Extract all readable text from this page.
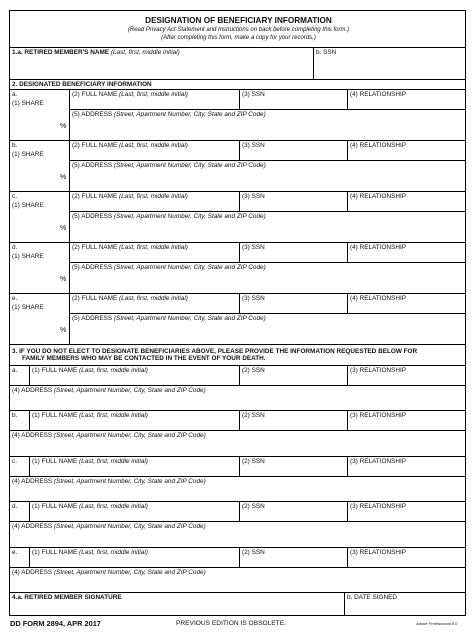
DESIGNATION OF BENEFICIARY INFORMATION
(Read Privacy Act Statement and Instructions on back before completing this form.)
(After completing this form, make a copy for your records.)
1.a. RETIRED MEMBER'S NAME (Last, first, middle initial)	b. SSN
2. DESIGNATED BENEFICIARY INFORMATION
a.
(1) SHARE
%
(2) FULL NAME (Last, first, middle initial)	(3) SSN	(4) RELATIONSHIP
(5) ADDRESS (Street, Apartment Number, City, State and ZIP Code)
b.
(1) SHARE
%
(2) FULL NAME (Last, first, middle initial)	(3) SSN	(4) RELATIONSHIP
(5) ADDRESS (Street, Apartment Number, City, State and ZIP Code)
c.
(1) SHARE
%
(2) FULL NAME (Last, first, middle initial)	(3) SSN	(4) RELATIONSHIP
(5) ADDRESS (Street, Apartment Number, City, State and ZIP Code)
d.
(1) SHARE
%
(2) FULL NAME (Last, first, middle initial)	(3) SSN	(4) RELATIONSHIP
(5) ADDRESS (Street, Apartment Number, City, State and ZIP Code)
e.
(1) SHARE
%
(2) FULL NAME (Last, first, middle initial)	(3) SSN	(4) RELATIONSHIP
(5) ADDRESS (Street, Apartment Number, City, State and ZIP Code)
3. IF YOU DO NOT ELECT TO DESIGNATE BENEFICIARIES ABOVE, PLEASE PROVIDE THE INFORMATION REQUESTED BELOW FOR
FAMILY MEMBERS WHO MAY BE CONTACTED IN THE EVENT OF YOUR DEATH.
a. (1) FULL NAME (Last, first, middle initial)	(2) SSN	(3) RELATIONSHIP
(4) ADDRESS (Street, Apartment Number, City, State and ZIP Code)
b. (1) FULL NAME (Last, first, middle initial)	(2) SSN	(3) RELATIONSHIP
(4) ADDRESS (Street, Apartment Number, City, State and ZIP Code)
c. (1) FULL NAME (Last, first, middle initial)	(2) SSN	(3) RELATIONSHIP
(4) ADDRESS (Street, Apartment Number, City, State and ZIP Code)
d. (1) FULL NAME (Last, first, middle initial)	(2) SSN	(3) RELATIONSHIP
(4) ADDRESS (Street, Apartment Number, City, State and ZIP Code)
e. (1) FULL NAME (Last, first, middle initial)	(2) SSN	(3) RELATIONSHIP
(4) ADDRESS (Street, Apartment Number, City, State and ZIP Code)
4.a. RETIRED MEMBER SIGNATURE	b. DATE SIGNED
DD FORM 2894, APR 2017	PREVIOUS EDITION IS OBSOLETE.	Adobe Professional 8.0
